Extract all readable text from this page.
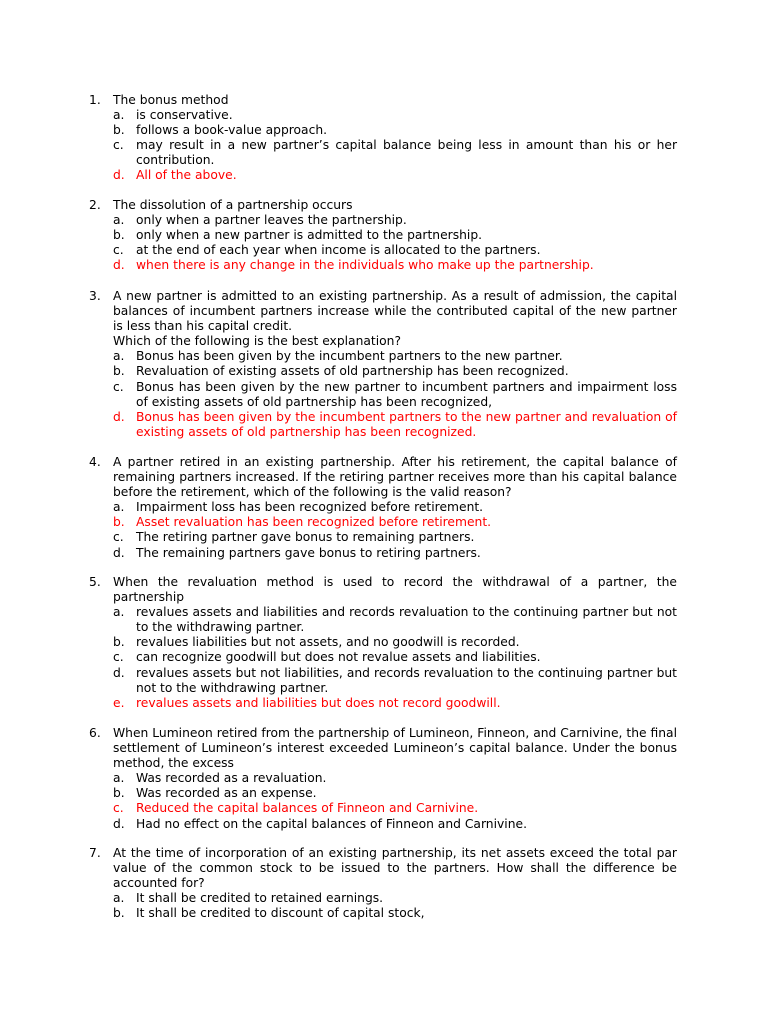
1. The bonus method
a. is conservative.
b. follows a book-value approach.
c.	may result in a new partner’s capital balance being less in amount than his or her contribution.
d. All of the above.
2. The dissolution of a partnership occurs
a. only when a partner leaves the partnership.
b. only when a new partner is admitted to the partnership.
c.	at the end of each year when income is allocated to the partners.
d. when there is any change in the individuals who make up the partnership.
3. A new partner is admitted to an existing partnership. As a result of admission, the capital balances of incumbent partners increase while the contributed capital of the new partner is less than his capital credit.
Which of the following is the best explanation?
a. Bonus has been given by the incumbent partners to the new partner.
b. Revaluation of existing assets of old partnership has been recognized.
c.	Bonus has been given by the new partner to incumbent partners and impairment loss of existing assets of old partnership has been recognized,
d. Bonus has been given by the incumbent partners to the new partner and revaluation of existing assets of old partnership has been recognized.
4. A partner retired in an existing partnership. After his retirement, the capital balance of remaining partners increased. If the retiring partner receives more than his capital balance before the retirement, which of the following is the valid reason?
a. Impairment loss has been recognized before retirement.
b. Asset revaluation has been recognized before retirement.
c.	The retiring partner gave bonus to remaining partners.
d. The remaining partners gave bonus to retiring partners.
5. When the revaluation method is used to record the withdrawal of a partner, the partnership
a. revalues assets and liabilities and records revaluation to the continuing partner but not to the withdrawing partner.
b. revalues liabilities but not assets, and no goodwill is recorded.
c.	can recognize goodwill but does not revalue assets and liabilities.
d. revalues assets but not liabilities, and records revaluation to the continuing partner but not to the withdrawing partner.
e. revalues assets and liabilities but does not record goodwill.
6. When Lumineon retired from the partnership of Lumineon, Finneon, and Carnivine, the final settlement of Lumineon’s interest exceeded Lumineon’s capital balance. Under the bonus method, the excess
a. Was recorded as a revaluation.
b. Was recorded as an expense.
c.	Reduced the capital balances of Finneon and Carnivine.
d. Had no effect on the capital balances of Finneon and Carnivine.
7. At the time of incorporation of an existing partnership, its net assets exceed the total par value of the common stock to be issued to the partners. How shall the difference be accounted for?
a. It shall be credited to retained earnings.
b. It shall be credited to discount of capital stock,
